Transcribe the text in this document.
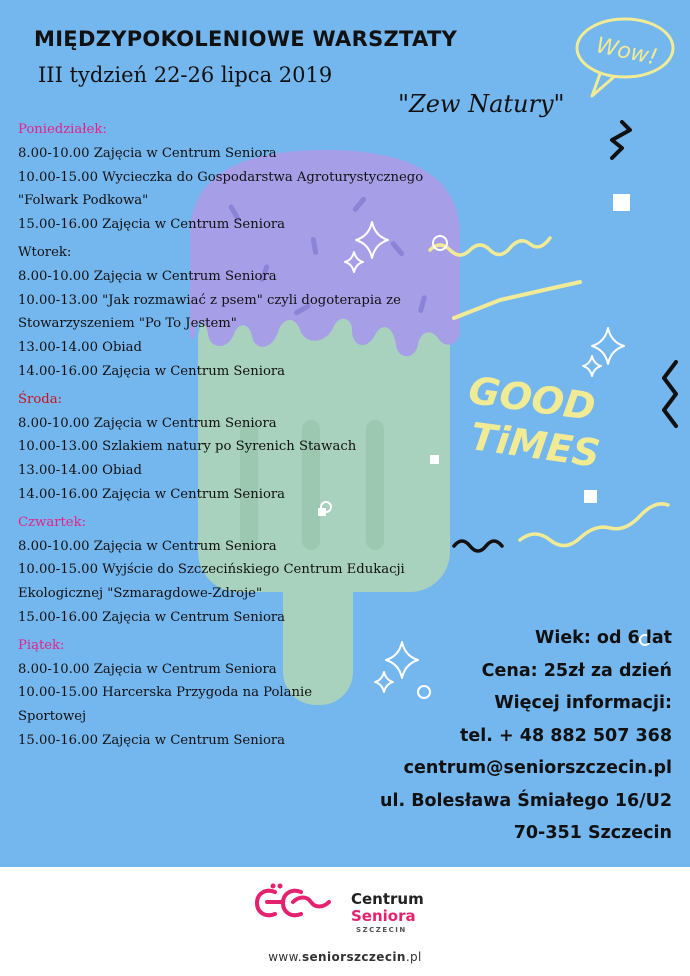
Wow!
GOOD
TiMES
MIĘDZYPOKOLENIOWE WARSZTATY
III tydzień 22-26 lipca 2019
"Zew Natury"
Poniedziałek:
8.00-10.00 Zajęcia w Centrum Seniora
10.00-15.00 Wycieczka do Gospodarstwa Agroturystycznego
"Folwark Podkowa"
15.00-16.00 Zajęcia w Centrum Seniora
Wtorek:
8.00-10.00 Zajęcia w Centrum Seniora
10.00-13.00 "Jak rozmawiać z psem" czyli dogoterapia ze
Stowarzyszeniem "Po To Jestem"
13.00-14.00 Obiad
14.00-16.00 Zajęcia w Centrum Seniora
Środa:
8.00-10.00 Zajęcia w Centrum Seniora
10.00-13.00 Szlakiem natury po Syrenich Stawach
13.00-14.00 Obiad
14.00-16.00 Zajęcia w Centrum Seniora
Czwartek:
8.00-10.00 Zajęcia w Centrum Seniora
10.00-15.00 Wyjście do Szczecińskiego Centrum Edukacji
Ekologicznej "Szmaragdowe-Zdroje"
15.00-16.00 Zajęcia w Centrum Seniora
Piątek:
8.00-10.00 Zajęcia w Centrum Seniora
10.00-15.00 Harcerska Przygoda na Polanie
Sportowej
15.00-16.00 Zajęcia w Centrum Seniora
Wiek: od 6 lat
Cena: 25zł za dzień
Więcej informacji:
tel. + 48 882 507 368
centrum@seniorszczecin.pl
ul. Bolesława Śmiałego 16/U2
70-351 Szczecin
Centrum
Seniora
SZCZECIN
www.seniorszczecin.pl
